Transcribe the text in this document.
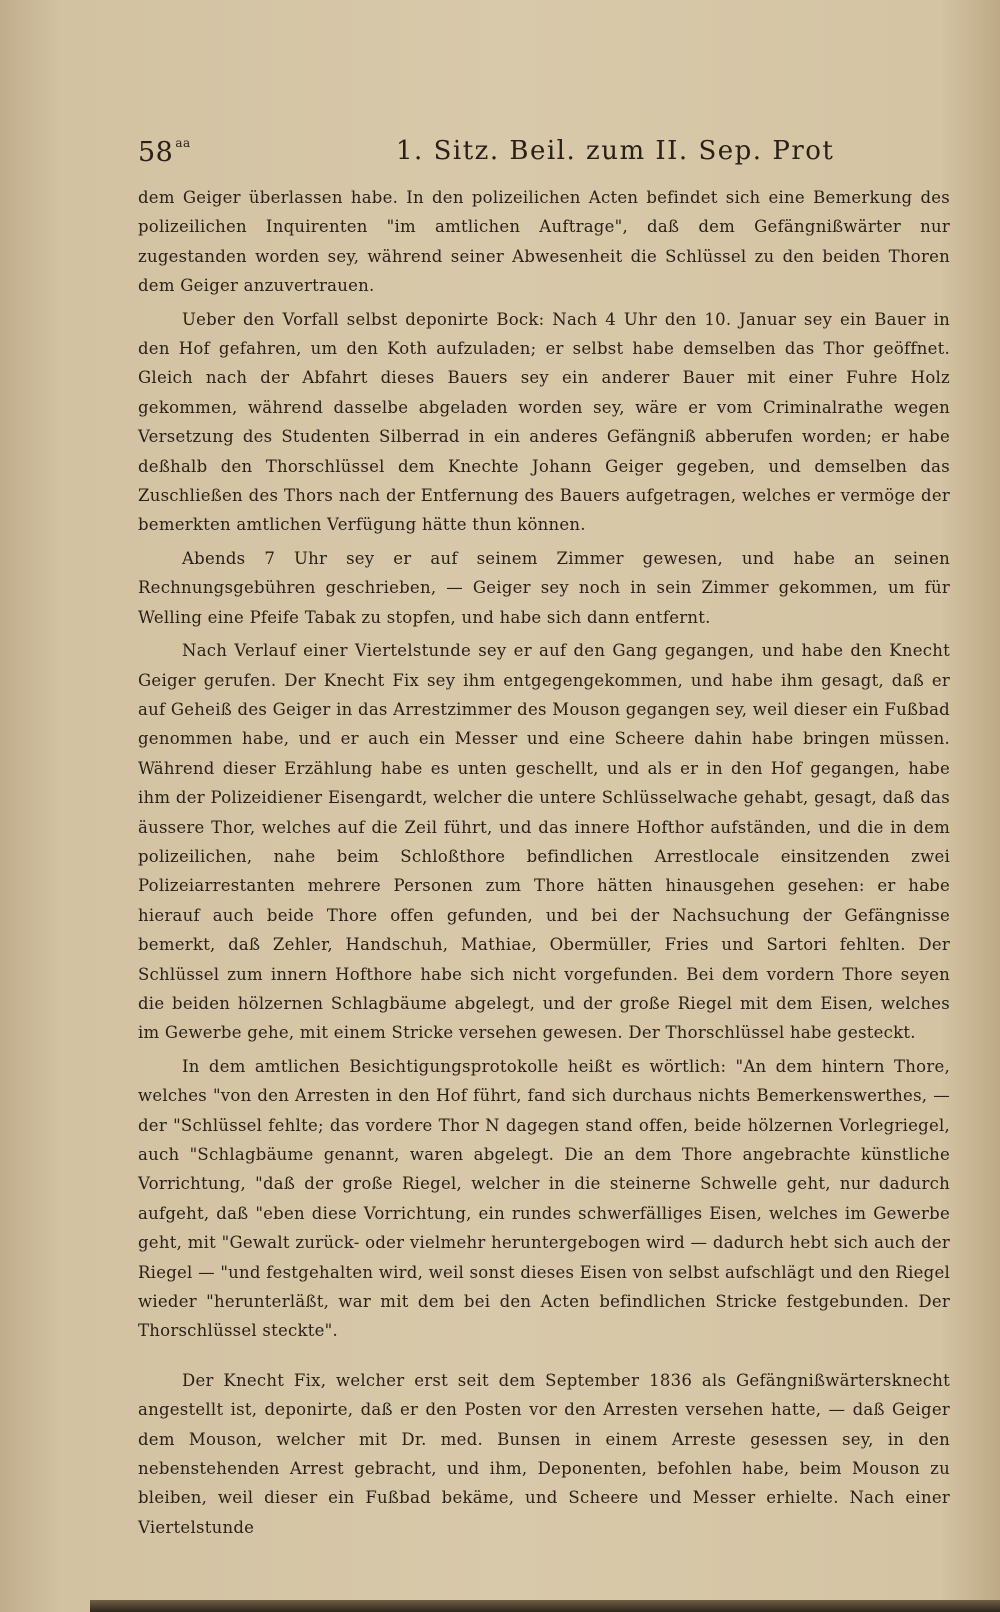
58 $^{aa}$	1. Sitz. Beil. zum II. Sep. Prot

dem Geiger überlassen habe. In den polizeilichen Acten befindet sich eine Bemerkung des polizeilichen Inquirenten "im amtlichen Auftrage", daß dem Gefängnißwärter nur zugestanden worden sey, während seiner Abwesenheit die Schlüssel zu den beiden Thoren dem Geiger anzuvertrauen.

Ueber den Vorfall selbst deponirte Bock: Nach 4 Uhr den 10. Januar sey ein Bauer in den Hof gefahren, um den Koth aufzuladen; er selbst habe demselben das Thor geöffnet. Gleich nach der Abfahrt dieses Bauers sey ein anderer Bauer mit einer Fuhre Holz gekommen, während dasselbe abgeladen worden sey, wäre er vom Criminalrathe wegen Versetzung des Studenten Silberrad in ein anderes Gefängniß abberufen worden; er habe deßhalb den Thorschlüssel dem Knechte Johann Geiger gegeben, und demselben das Zuschließen des Thors nach der Entfernung des Bauers aufgetragen, welches er vermöge der bemerkten amtlichen Verfügung hätte thun können.

Abends 7 Uhr sey er auf seinem Zimmer gewesen, und habe an seinen Rechnungsgebühren geschrieben, — Geiger sey noch in sein Zimmer gekommen, um für Welling eine Pfeife Tabak zu stopfen, und habe sich dann entfernt.

Nach Verlauf einer Viertelstunde sey er auf den Gang gegangen, und habe den Knecht Geiger gerufen. Der Knecht Fix sey ihm entgegengekommen, und habe ihm gesagt, daß er auf Geheiß des Geiger in das Arrestzimmer des Mouson gegangen sey, weil dieser ein Fußbad genommen habe, und er auch ein Messer und eine Scheere dahin habe bringen müssen. Während dieser Erzählung habe es unten geschellt, und als er in den Hof gegangen, habe ihm der Polizeidiener Eisengardt, welcher die untere Schlüsselwache gehabt, gesagt, daß das äussere Thor, welches auf die Zeil führt, und das innere Hofthor aufständen, und die in dem polizeilichen, nahe beim Schloßthore befindlichen Arrestlocale einsitzenden zwei Polizeiarrestanten mehrere Personen zum Thore hätten hinausgehen gesehen: er habe hierauf auch beide Thore offen gefunden, und bei der Nachsuchung der Gefängnisse bemerkt, daß Zehler, Handschuh, Mathiae, Obermüller, Fries und Sartori fehlten. Der Schlüssel zum innern Hofthore habe sich nicht vorgefunden. Bei dem vordern Thore seyen die beiden hölzernen Schlagbäume abgelegt, und der große Riegel mit dem Eisen, welches im Gewerbe gehe, mit einem Stricke versehen gewesen. Der Thorschlüssel habe gesteckt.

In dem amtlichen Besichtigungsprotokolle heißt es wörtlich: "An dem hintern Thore, welches "von den Arresten in den Hof führt, fand sich durchaus nichts Bemerkenswerthes, — der "Schlüssel fehlte; das vordere Thor N dagegen stand offen, beide hölzernen Vorlegriegel, auch "Schlagbäume genannt, waren abgelegt. Die an dem Thore angebrachte künstliche Vorrichtung, "daß der große Riegel, welcher in die steinerne Schwelle geht, nur dadurch aufgeht, daß "eben diese Vorrichtung, ein rundes schwerfälliges Eisen, welches im Gewerbe geht, mit "Gewalt zurück- oder vielmehr heruntergebogen wird — dadurch hebt sich auch der Riegel — "und festgehalten wird, weil sonst dieses Eisen von selbst aufschlägt und den Riegel wieder "herunterläßt, war mit dem bei den Acten befindlichen Stricke festgebunden. Der Thorschlüssel steckte".

Der Knecht Fix, welcher erst seit dem September 1836 als Gefängnißwärtersknecht angestellt ist, deponirte, daß er den Posten vor den Arresten versehen hatte, — daß Geiger dem Mouson, welcher mit Dr. med. Bunsen in einem Arreste gesessen sey, in den nebenstehenden Arrest gebracht, und ihm, Deponenten, befohlen habe, beim Mouson zu bleiben, weil dieser ein Fußbad bekäme, und Scheere und Messer erhielte. Nach einer Viertelstunde
